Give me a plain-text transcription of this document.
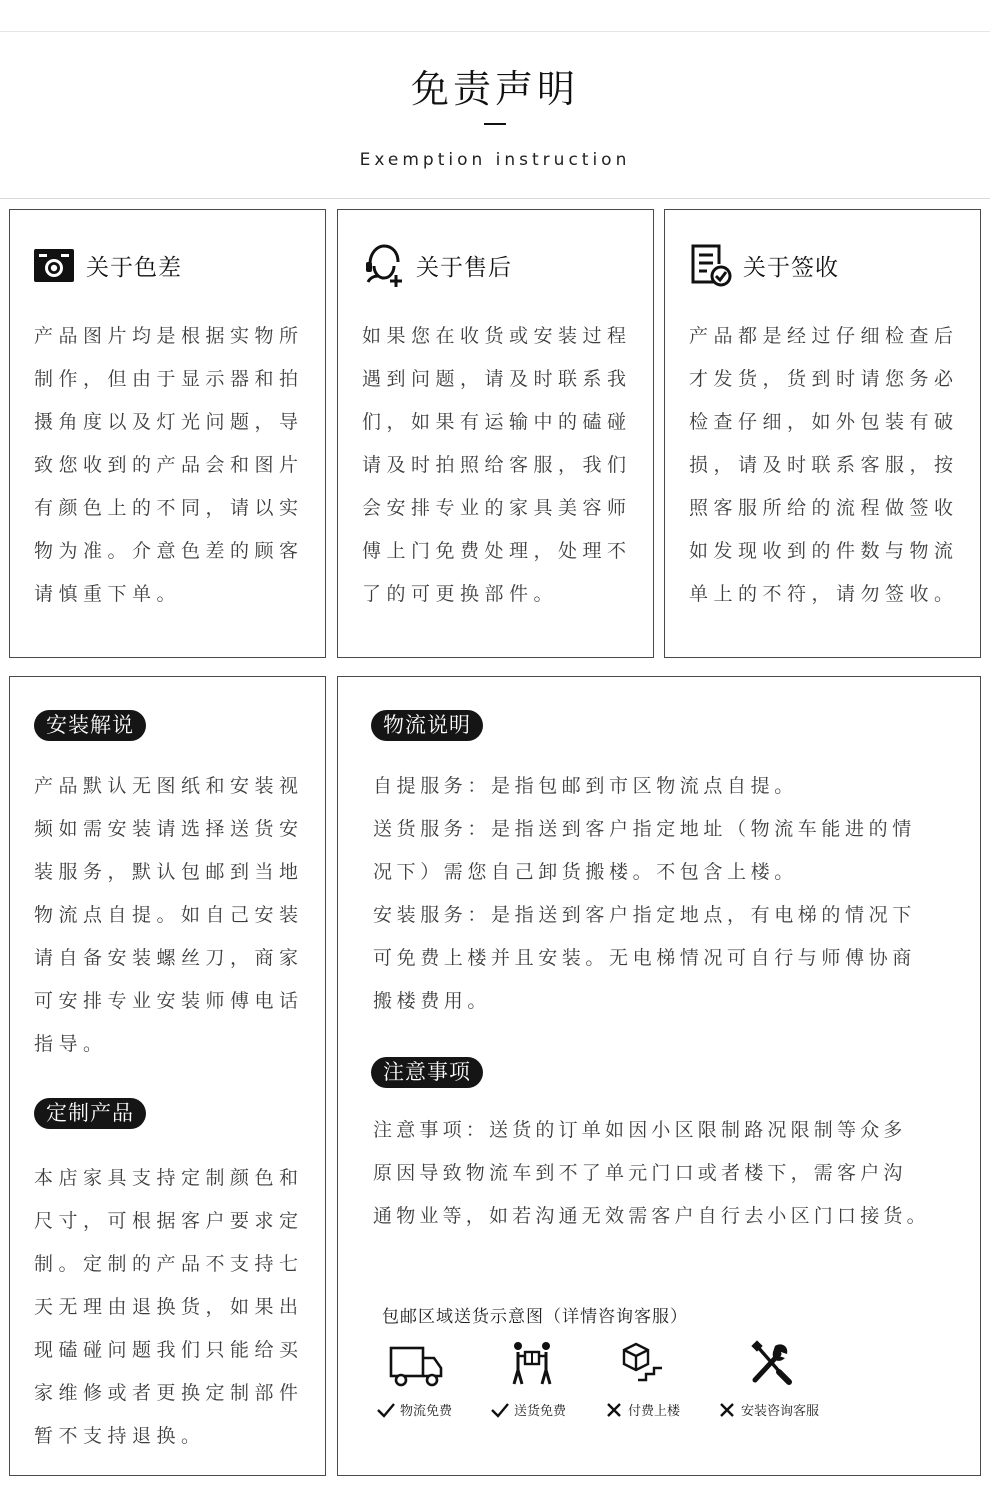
免责声明
Exemption instruction
关于色差
产品图片均是根据实物所
制作，但由于显示器和拍
摄角度以及灯光问题，导
致您收到的产品会和图片
有颜色上的不同，请以实
物为准。介意色差的顾客
请慎重下单。
关于售后
如果您在收货或安装过程
遇到问题，请及时联系我
们，如果有运输中的磕碰
请及时拍照给客服，我们
会安排专业的家具美容师
傅上门免费处理，处理不
了的可更换部件。
关于签收
产品都是经过仔细检查后
才发货，货到时请您务必
检查仔细，如外包装有破
损，请及时联系客服，按
照客服所给的流程做签收
如发现收到的件数与物流
单上的不符，请勿签收。
安装解说
产品默认无图纸和安装视
频如需安装请选择送货安
装服务，默认包邮到当地
物流点自提。如自己安装
请自备安装螺丝刀，商家
可安排专业安装师傅电话
指导。
定制产品
本店家具支持定制颜色和
尺寸，可根据客户要求定
制。定制的产品不支持七
天无理由退换货，如果出
现磕碰问题我们只能给买
家维修或者更换定制部件
暂不支持退换。
物流说明
自提服务：是指包邮到市区物流点自提。
送货服务：是指送到客户指定地址（物流车能进的情
况下）需您自己卸货搬楼。不包含上楼。
安装服务：是指送到客户指定地点，有电梯的情况下
可免费上楼并且安装。无电梯情况可自行与师傅协商
搬楼费用。
注意事项
注意事项：送货的订单如因小区限制路况限制等众多
原因导致物流车到不了单元门口或者楼下，需客户沟
通物业等，如若沟通无效需客户自行去小区门口接货。
包邮区域送货示意图（详情咨询客服）
物流免费	送货免费	付费上楼	安装咨询客服
